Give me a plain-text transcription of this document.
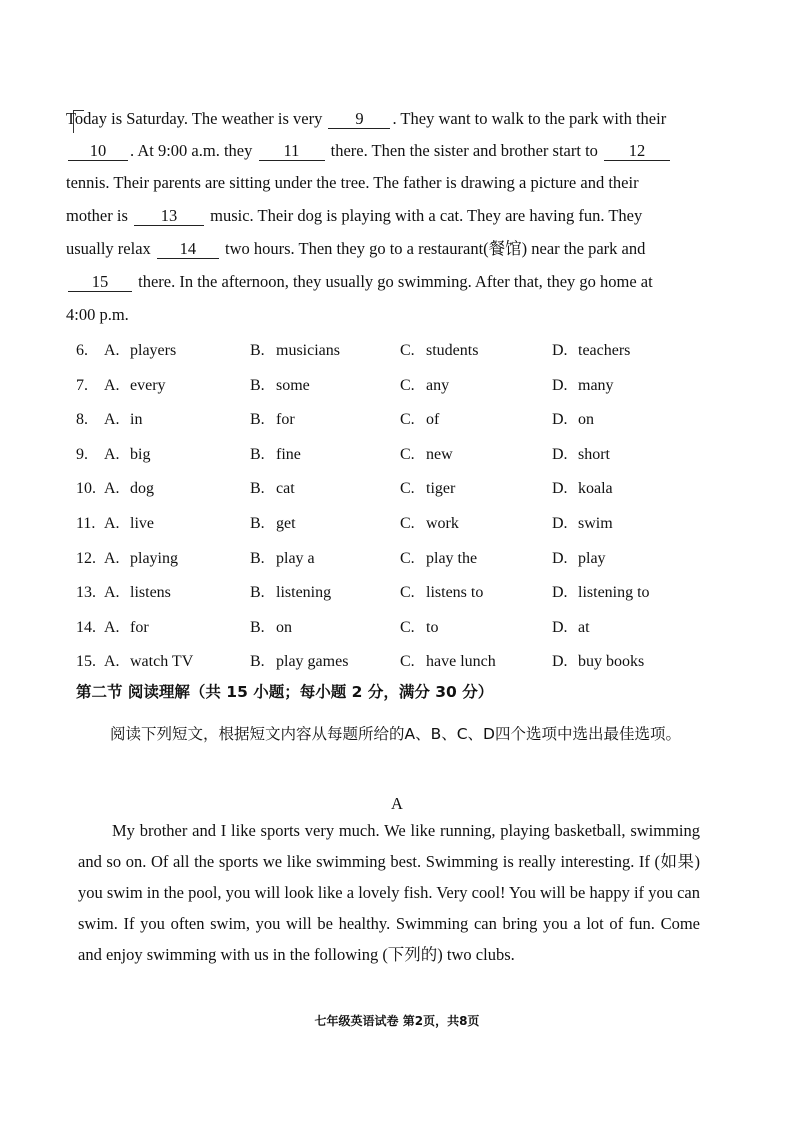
Today is Saturday. The weather is very 9 . They want to walk to the park with their
10 . At 9:00 a.m. they 11 there. Then the sister and brother start to 12
tennis. Their parents are sitting under the tree. The father is drawing a picture and their
mother is 13 music. Their dog is playing with a cat. They are having fun. They
usually relax 14 two hours. Then they go to a restaurant(餐馆) near the park and
15 there. In the afternoon, they usually go swimming. After that, they go home at
4:00 p.m.
6. A. players	B. musicians	C. students	D. teachers
7. A. every	B. some	C. any	D. many
8. A. in	B. for	C. of	D. on
9. A. big	B. fine	C. new	D. short
10. A. dog	B. cat	C. tiger	D. koala
11. A. live	B. get	C. work	D. swim
12. A. playing	B. play a	C. play the	D. play
13. A. listens	B. listening	C. listens to	D. listening to
14. A. for	B. on	C. to	D. at
15. A. watch TV	B. play games	C. have lunch	D. buy books
第二节 阅读理解（共 15 小题；每小题 2 分，满分 30 分）
阅读下列短文，根据短文内容从每题所给的A、B、C、D四个选项中选出最佳选项。
A
My brother and I like sports very much. We like running, playing basketball, swimming and so on. Of all the sports we like swimming best. Swimming is really interesting. If (如果) you swim in the pool, you will look like a lovely fish. Very cool! You will be happy if you can swim. If you often swim, you will be healthy. Swimming can bring you a lot of fun. Come and enjoy swimming with us in the following (下列的) two clubs.
七年级英语试卷 第2页，共8页
